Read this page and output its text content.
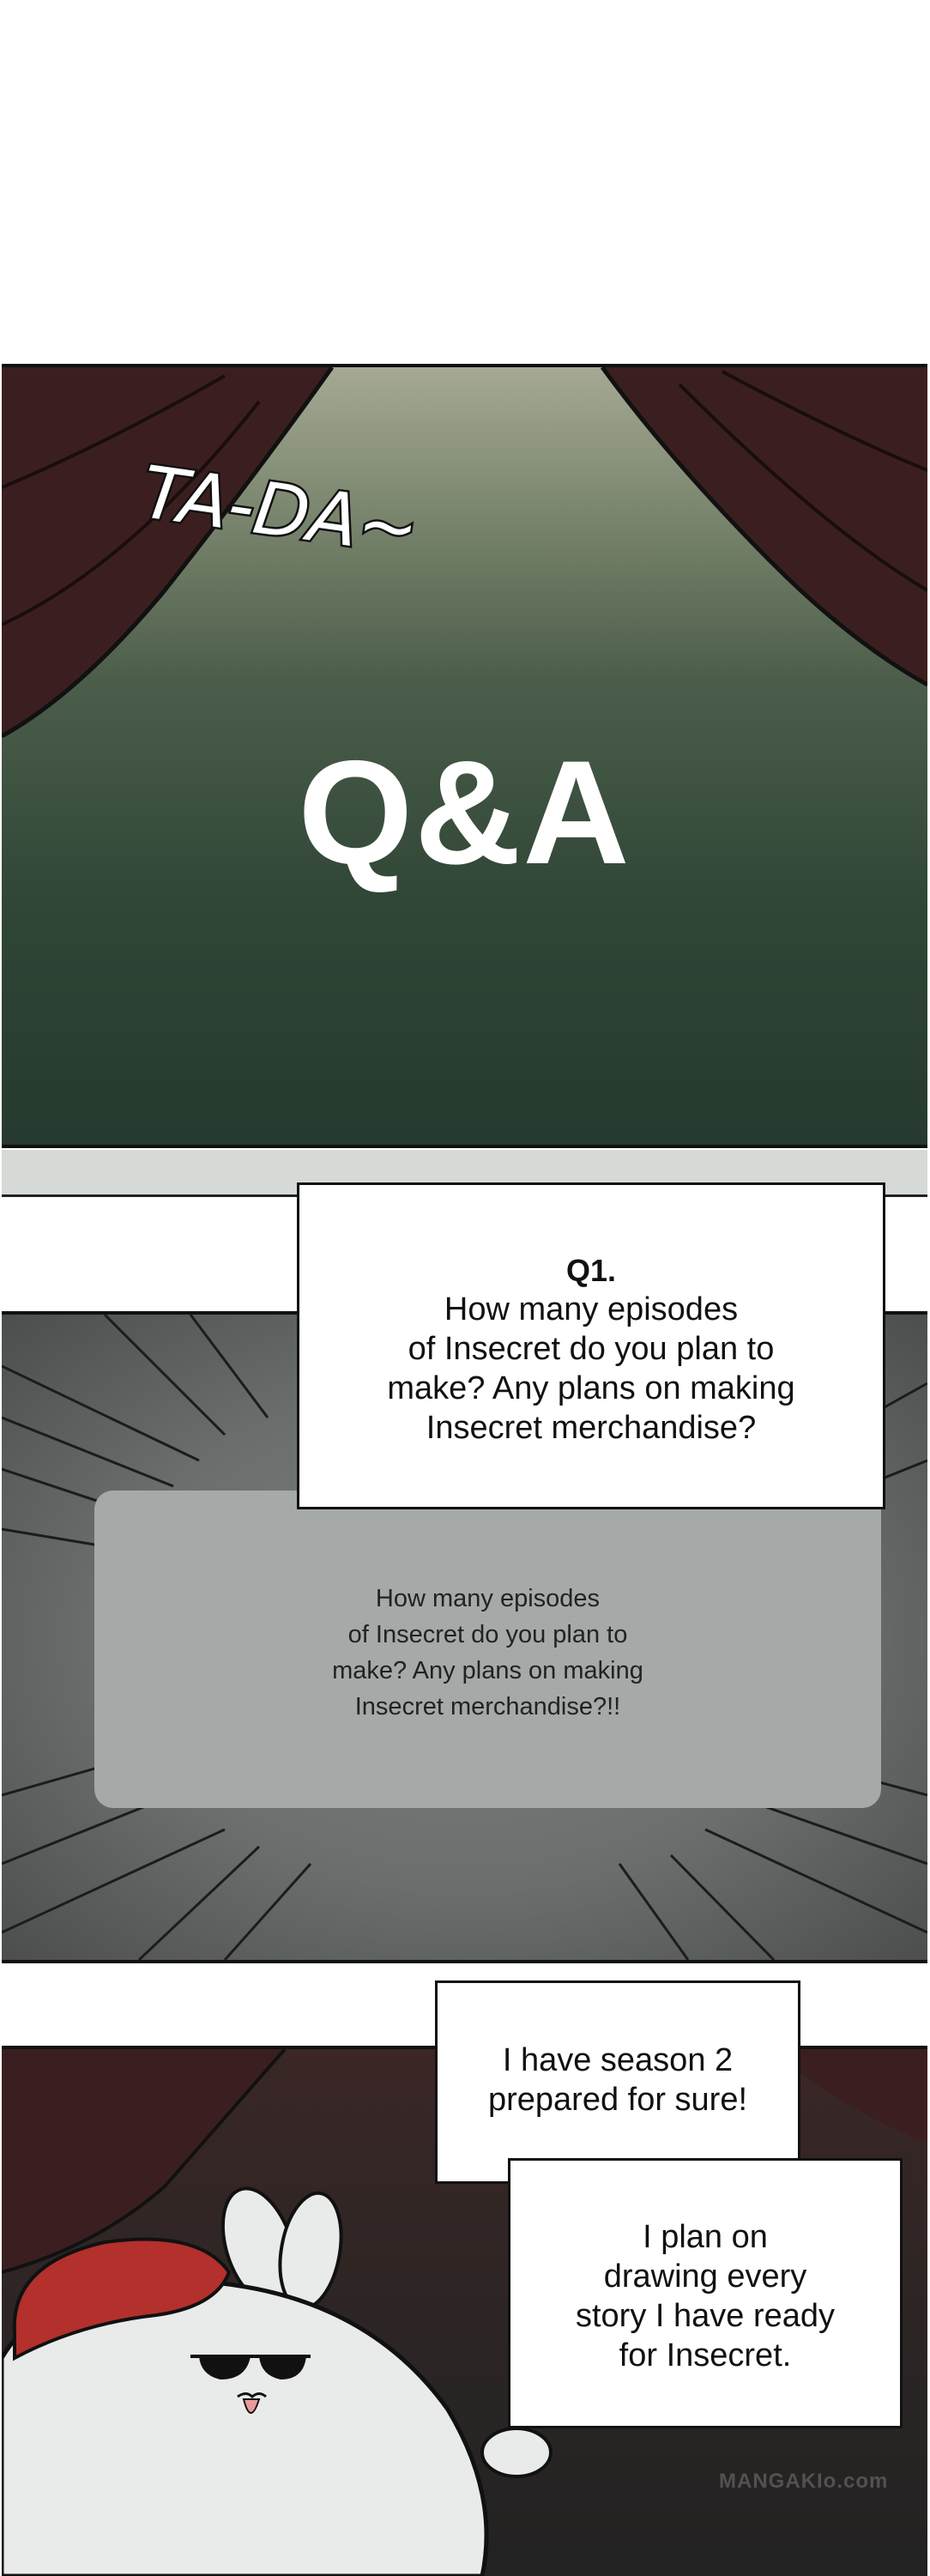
TA-DA~
Q&A
How many episodes
of Insecret do you plan to
make? Any plans on making
Insecret merchandise?!!
Q1.
How many episodes
of Insecret do you plan to
make? Any plans on making
Insecret merchandise?
I have season 2
prepared for sure!
I plan on
drawing every
story I have ready
for Insecret.
MANGAKIo.com
